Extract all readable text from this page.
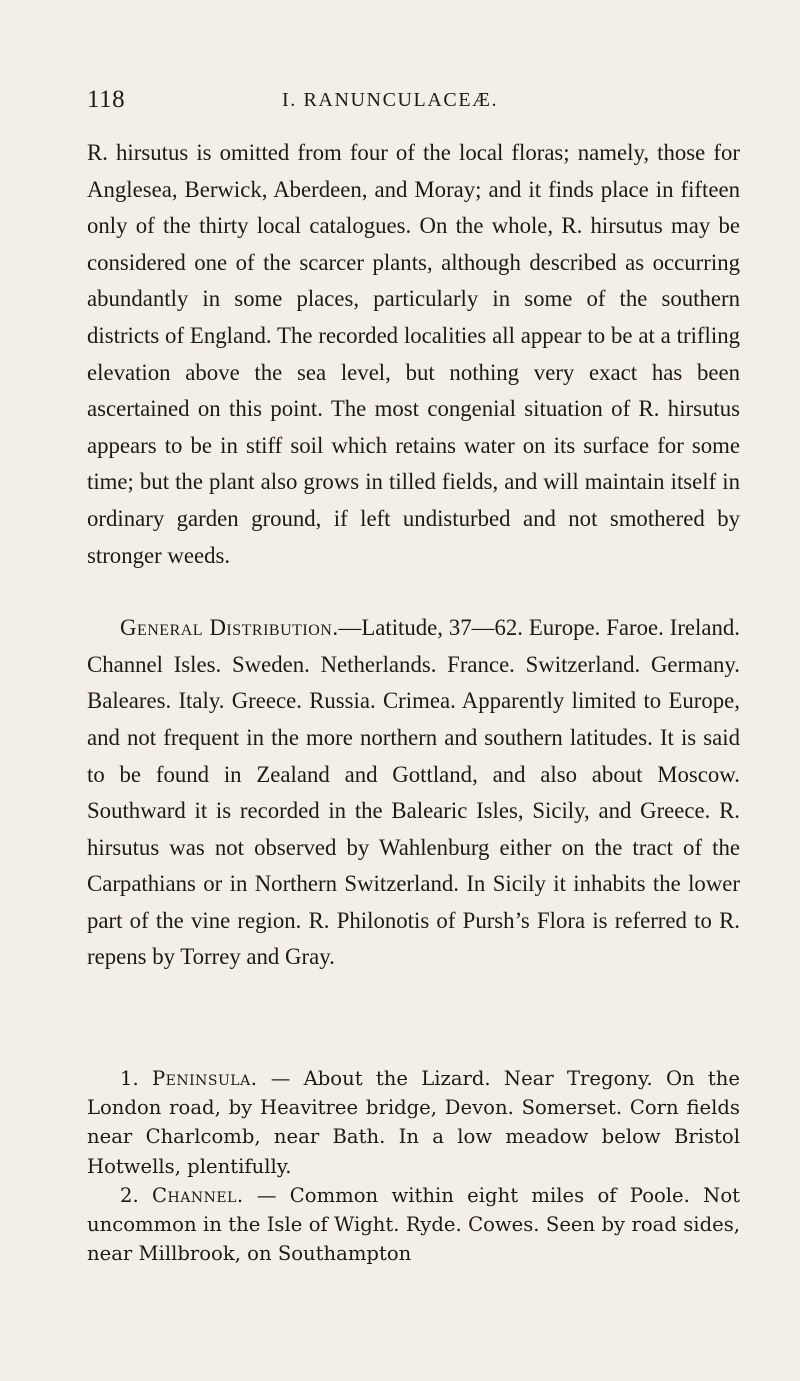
118	I. RANUNCULACEÆ.

R. hirsutus is omitted from four of the local floras; namely, those for Anglesea, Berwick, Aberdeen, and Moray; and it finds place in fifteen only of the thirty local catalogues. On the whole, R. hirsutus may be considered one of the scarcer plants, although described as occurring abundantly in some places, particularly in some of the southern districts of England. The recorded localities all appear to be at a trifling elevation above the sea level, but nothing very exact has been ascertained on this point. The most congenial situation of R. hirsutus appears to be in stiff soil which retains water on its surface for some time; but the plant also grows in tilled fields, and will maintain itself in ordinary garden ground, if left undisturbed and not smothered by stronger weeds.

General Distribution.—Latitude, 37—62. Europe. Faroe. Ireland. Channel Isles. Sweden. Netherlands. France. Switzerland. Germany. Baleares. Italy. Greece. Russia. Crimea. Apparently limited to Europe, and not frequent in the more northern and southern latitudes. It is said to be found in Zealand and Gottland, and also about Moscow. Southward it is recorded in the Balearic Isles, Sicily, and Greece. R. hirsutus was not observed by Wahlenburg either on the tract of the Carpathians or in Northern Switzerland. In Sicily it inhabits the lower part of the vine region. R. Philonotis of Pursh’s Flora is referred to R. repens by Torrey and Gray.

1. Peninsula. — About the Lizard. Near Tregony. On the London road, by Heavitree bridge, Devon. Somerset. Corn fields near Charlcomb, near Bath. In a low meadow below Bristol Hotwells, plentifully.

2. Channel. — Common within eight miles of Poole. Not uncommon in the Isle of Wight. Ryde. Cowes. Seen by road sides, near Millbrook, on Southampton
